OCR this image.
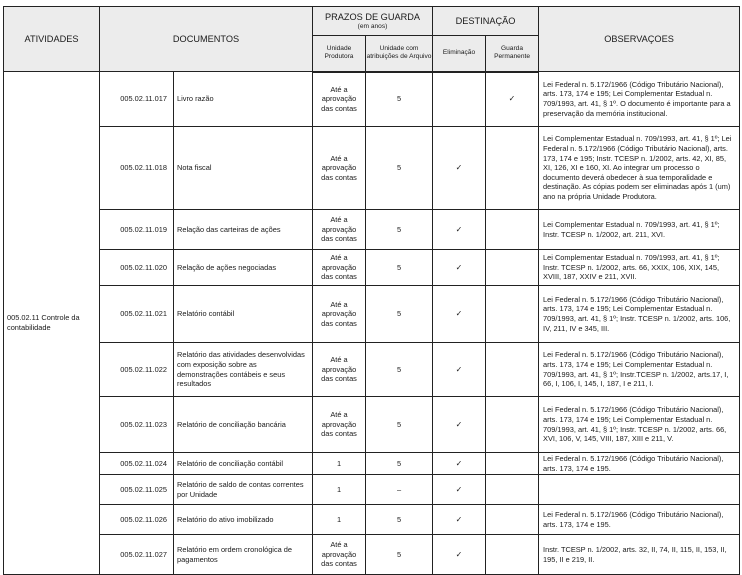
ATIVIDADES	DOCUMENTOS		PRAZOS DE GUARDA
(em anos)		DESTINAÇÃO		OBSERVAÇOES
			Unidade Produtora	Unidade com atribuições de Arquivo	Eliminação	Guarda Permanente	
005.02.11 Controle da contabilidade	005.02.11.017	Livro razão	Até a aprovação das contas	5		✓	Lei Federal n. 5.172/1966 (Código Tributário Nacional), arts. 173, 174 e 195; Lei Complementar Estadual n. 709/1993, art. 41, § 1º. O documento é importante para a preservação da memória institucional.
	005.02.11.018	Nota fiscal	Até a aprovação das contas	5	✓		Lei Complementar Estadual n. 709/1993, art. 41, § 1º; Lei Federal n. 5.172/1966 (Código Tributário Nacional), arts. 173, 174 e 195; Instr. TCESP n. 1/2002, arts. 42, XI, 85, XI, 126, XI e 160, XI. Ao integrar um processo o documento deverá obedecer à sua temporalidade e destinação. As cópias podem ser eliminadas após 1 (um) ano na própria Unidade Produtora.
	005.02.11.019	Relação das carteiras de ações	Até a aprovação das contas	5	✓		Lei Complementar Estadual n. 709/1993, art. 41, § 1º; Instr. TCESP n. 1/2002, art. 211, XVI.
	005.02.11.020	Relação de ações negociadas	Até a aprovação das contas	5	✓		Lei Complementar Estadual n. 709/1993, art. 41, § 1º; Instr. TCESP n. 1/2002, arts. 66, XXIX, 106, XIX, 145, XVIII, 187, XXIV e 211, XVII.
	005.02.11.021	Relatório contábil	Até a aprovação das contas	5	✓		Lei Federal n. 5.172/1966 (Código Tributário Nacional), arts. 173, 174 e 195; Lei Complementar Estadual n. 709/1993, art. 41, § 1º; Instr. TCESP n. 1/2002, arts. 106, IV, 211, IV e 345, III.
	005.02.11.022	Relatório das atividades desenvolvidas com exposição sobre as demonstrações contábeis e seus resultados	Até a aprovação das contas	5	✓		Lei Federal n. 5.172/1966 (Código Tributário Nacional), arts. 173, 174 e 195; Lei Complementar Estadual n. 709/1993, art. 41, § 1º; Instr.TCESP n. 1/2002, arts.17, I, 66, I, 106, I, 145, I, 187, I e 211, I.
	005.02.11.023	Relatório de conciliação bancária	Até a aprovação das contas	5	✓		Lei Federal n. 5.172/1966 (Código Tributário Nacional), arts. 173, 174 e 195; Lei Complementar Estadual n. 709/1993, art. 41, § 1º; Instr. TCESP n. 1/2002, arts. 66, XVI, 106, V, 145, VIII, 187, XIII e 211, V.
	005.02.11.024	Relatório de conciliação contábil	1	5	✓		Lei Federal n. 5.172/1966 (Código Tributário Nacional), arts. 173, 174 e 195.
	005.02.11.025	Relatório de saldo de contas correntes por Unidade	1	–	✓		
	005.02.11.026	Relatório do ativo imobilizado	1	5	✓		Lei Federal n. 5.172/1966 (Código Tributário Nacional), arts. 173, 174 e 195.
	005.02.11.027	Relatório em ordem cronológica de pagamentos	Até a aprovação das contas	5	✓		Instr. TCESP n. 1/2002, arts. 32, II, 74, II, 115, II, 153, II, 195, II e 219, II.
